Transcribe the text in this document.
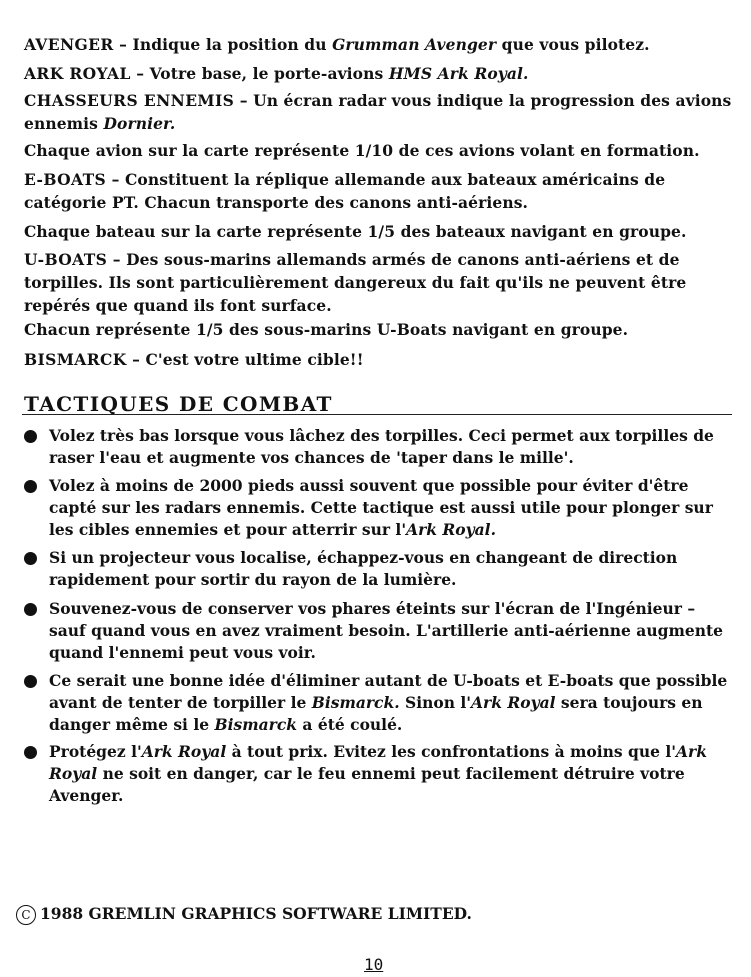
AVENGER – Indique la position du Grumman Avenger que vous pilotez.
ARK ROYAL – Votre base, le porte-avions HMS Ark Royal.
CHASSEURS ENNEMIS – Un écran radar vous indique la progression des avions ennemis Dornier.
Chaque avion sur la carte représente 1/10 de ces avions volant en formation.
E-BOATS – Constituent la réplique allemande aux bateaux américains de catégorie PT. Chacun transporte des canons anti-aériens.
Chaque bateau sur la carte représente 1/5 des bateaux navigant en groupe.
U-BOATS – Des sous-marins allemands armés de canons anti-aériens et de torpilles. Ils sont particulièrement dangereux du fait qu'ils ne peuvent être repérés que quand ils font surface.
Chacun représente 1/5 des sous-marins U-Boats navigant en groupe.
BISMARCK – C'est votre ultime cible!!
TACTIQUES DE COMBAT
Volez très bas lorsque vous lâchez des torpilles. Ceci permet aux torpilles de raser l'eau et augmente vos chances de 'taper dans le mille'.
Volez à moins de 2000 pieds aussi souvent que possible pour éviter d'être capté sur les radars ennemis. Cette tactique est aussi utile pour plonger sur les cibles ennemies et pour atterrir sur l'Ark Royal.
Si un projecteur vous localise, échappez-vous en changeant de direction rapidement pour sortir du rayon de la lumière.
Souvenez-vous de conserver vos phares éteints sur l'écran de l'Ingénieur – sauf quand vous en avez vraiment besoin. L'artillerie anti-aérienne augmente quand l'ennemi peut vous voir.
Ce serait une bonne idée d'éliminer autant de U-boats et E-boats que possible avant de tenter de torpiller le Bismarck. Sinon l'Ark Royal sera toujours en danger même si le Bismarck a été coulé.
Protégez l'Ark Royal à tout prix. Evitez les confrontations à moins que l'Ark Royal ne soit en danger, car le feu ennemi peut facilement détruire votre Avenger.
C 1988 GREMLIN GRAPHICS SOFTWARE LIMITED.
10
